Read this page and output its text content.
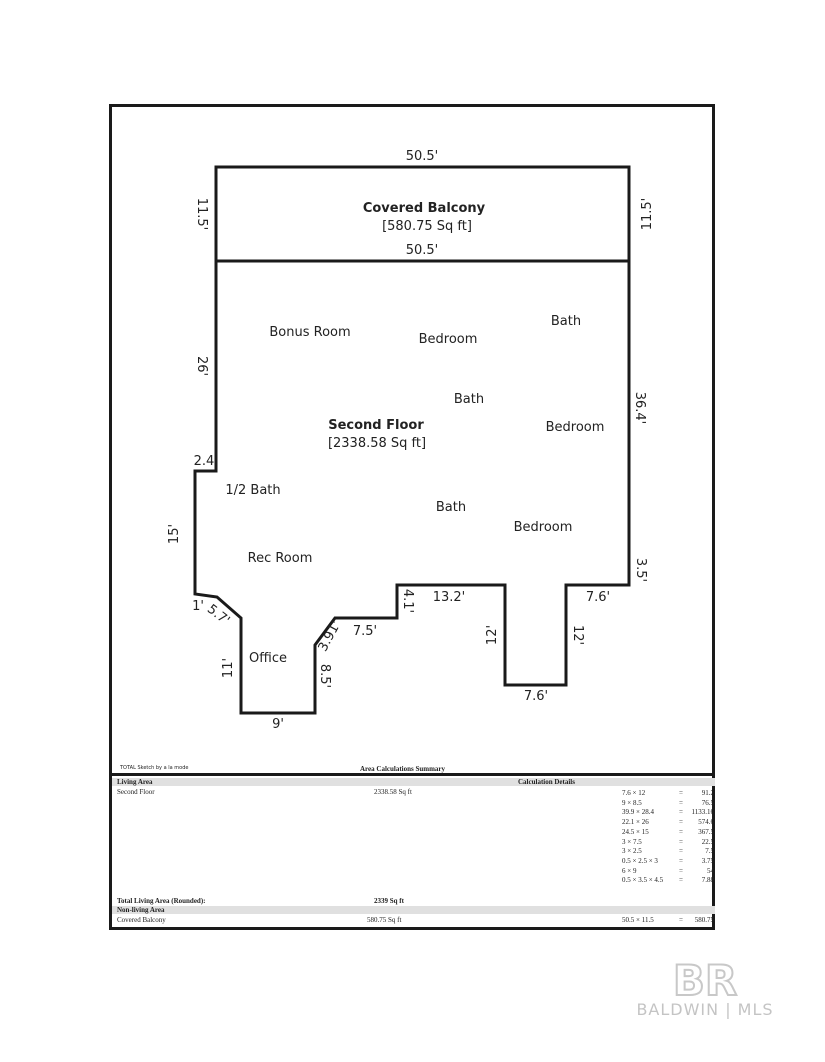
Covered Balcony
[580.75 Sq ft]
Second Floor
[2338.58 Sq ft]
Bonus Room	Bedroom
Bath
Bath
Bedroom
1/2 Bath
Bath
Bedroom
Rec Room
Office
50.5'
50.5'
11.5'	11.5'
26'
36.4'
2.4
15'
1' 5.7'
3.5'
7.6'
13.2'
4.1'
7.5'
3.91'
8.5'
11'
9'
12'	12'
7.6'
TOTAL Sketch by a la mode	Area Calculations Summary
Living Area	Calculation Details
Second Floor	2338.58 Sq ft	7.6 × 12	=	91.2
9 × 8.5	=	76.5
39.9 × 28.4	=	1133.16
22.1 × 26	=	574.6
24.5 × 15	=	367.5
3 × 7.5	=	22.5
3 × 2.5	=	7.5
0.5 × 2.5 × 3	=	3.75
6 × 9	=	54
0.5 × 3.5 × 4.5 =	7.88
Total Living Area (Rounded):	2339 Sq ft
Non-living Area
Covered Balcony	580.75 Sq ft	50.5 × 11.5	=	580.75
BR
BALDWIN | MLS
